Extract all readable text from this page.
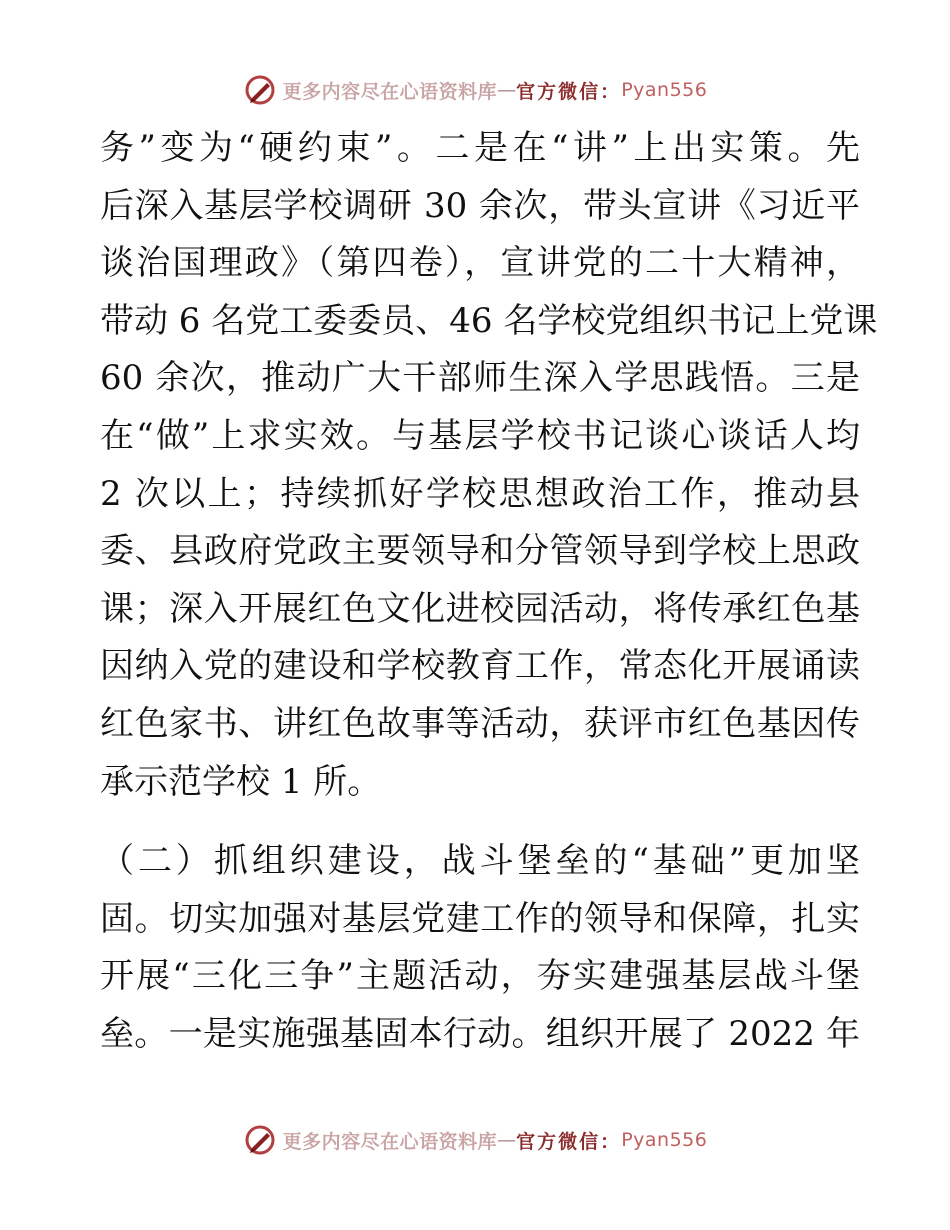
更多内容尽在心语资料库 — 官方微信： Pyan556
务”变为“硬约束”。二是在“讲”上出实策。先
后深入基层学校调研 30 余次，带头宣讲《习近平
谈治国理政》（第四卷），宣讲党的二十大精神，
带动 6 名党工委委员、46 名学校党组织书记上党课
60 余次，推动广大干部师生深入学思践悟。三是
在“做”上求实效。与基层学校书记谈心谈话人均
2 次以上；持续抓好学校思想政治工作，推动县
委、县政府党政主要领导和分管领导到学校上思政
课；深入开展红色文化进校园活动，将传承红色基
因纳入党的建设和学校教育工作，常态化开展诵读
红色家书、讲红色故事等活动，获评市红色基因传
承示范学校 1 所。
（二）抓组织建设，战斗堡垒的“基础”更加坚
固。切实加强对基层党建工作的领导和保障，扎实
开展“三化三争”主题活动，夯实建强基层战斗堡
垒。一是实施强基固本行动。组织开展了 2022 年
更多内容尽在心语资料库 — 官方微信： Pyan556
